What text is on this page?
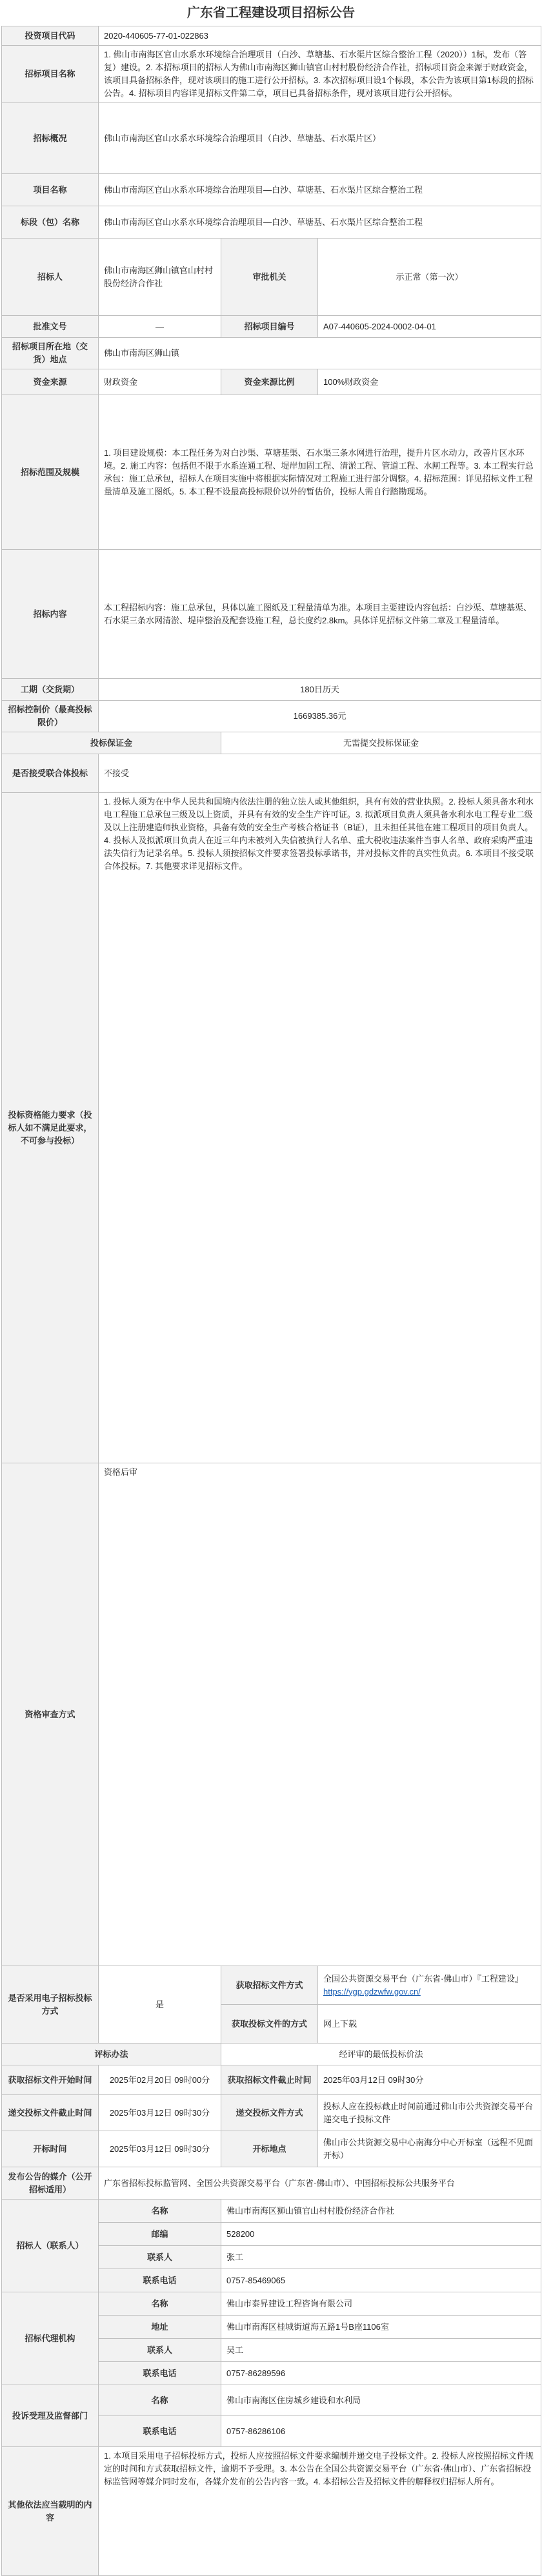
广东省工程建设项目招标公告
投资项目代码	2020-440605-77-01-022863		
招标项目名称	1. 佛山市南海区官山水系水环境综合治理项目（白沙、草塘基、石水渠片区综合整治工程（2020））1标，发布（答复）建设。2. 本招标项目的招标人为佛山市南海区狮山镇官山村村股份经济合作社，招标项目资金来源于财政资金，该项目具备招标条件，现对该项目的施工进行公开招标。3. 本次招标项目设1个标段，本公告为该项目第1标段的招标公告。4. 招标项目内容详见招标文件第二章，项目已具备招标条件，现对该项目进行公开招标。		
招标概况	佛山市南海区官山水系水环境综合治理项目（白沙、草塘基、石水渠片区）		
项目名称	佛山市南海区官山水系水环境综合治理项目—白沙、草塘基、石水渠片区综合整治工程		
标段（包）名称	佛山市南海区官山水系水环境综合治理项目—白沙、草塘基、石水渠片区综合整治工程		
招标人	佛山市南海区狮山镇官山村村股份经济合作社	审批机关	示正常（第一次）
批准文号	—	招标项目编号	A07-440605-2024-0002-04-01
招标项目所在地（交货）地点	佛山市南海区狮山镇		
资金来源	财政资金	资金来源比例	100%财政资金
招标范围及规模	1. 项目建设规模：本工程任务为对白沙渠、草塘基渠、石水渠三条水网进行治理，提升片区水动力，改善片区水环境。2. 施工内容：包括但不限于水系连通工程、堤岸加固工程、清淤工程、管道工程、水闸工程等。3. 本工程实行总承包：施工总承包，招标人在项目实施中将根据实际情况对工程施工进行部分调整。4. 招标范围：详见招标文件工程量清单及施工图纸。5. 本工程不设最高投标限价以外的暂估价，投标人需自行踏勘现场。		
招标内容	本工程招标内容：施工总承包，具体以施工图纸及工程量清单为准。本项目主要建设内容包括：白沙渠、草塘基渠、石水渠三条水网清淤、堤岸整治及配套设施工程，总长度约2.8km。具体详见招标文件第二章及工程量清单。		
工期（交货期）	180日历天		
招标控制价（最高投标限价）	1669385.36元		
投标保证金		无需提交投标保证金	
是否接受联合体投标	不接受		
投标资格能力要求（投标人如不满足此要求，不可参与投标）	1. 投标人须为在中华人民共和国境内依法注册的独立法人或其他组织，具有有效的营业执照。2. 投标人须具备水利水电工程施工总承包三级及以上资质，并具有有效的安全生产许可证。3. 拟派项目负责人须具备水利水电工程专业二级及以上注册建造师执业资格，具备有效的安全生产考核合格证书（B证），且未担任其他在建工程项目的项目负责人。4. 投标人及拟派项目负责人在近三年内未被列入失信被执行人名单、重大税收违法案件当事人名单、政府采购严重违法失信行为记录名单。5. 投标人须按招标文件要求签署投标承诺书，并对投标文件的真实性负责。6. 本项目不接受联合体投标。7. 其他要求详见招标文件。		
资格审查方式	资格后审		
是否采用电子招标投标方式	是	获取招标文件方式	全国公共资源交易平台（广东省·佛山市）『工程建设』
https://ygp.gdzwfw.gov.cn/

		获取投标文件的方式	网上下载
评标办法		经评审的最低投标价法	
获取招标文件开始时间	2025年02月20日 09时00分	获取招标文件截止时间	2025年03月12日 09时30分
递交投标文件截止时间	2025年03月12日 09时30分	递交投标文件方式	投标人应在投标截止时间前通过佛山市公共资源交易平台递交电子投标文件
开标时间	2025年03月12日 09时30分	开标地点	佛山市公共资源交易中心南海分中心开标室（远程不见面开标）
发布公告的媒介（公开招标适用）	广东省招标投标监管网、全国公共资源交易平台（广东省·佛山市）、中国招标投标公共服务平台		
招标人（联系人）	名称	佛山市南海区狮山镇官山村村股份经济合作社	
	邮编	528200	
	联系人	张工	
	联系电话	0757-85469065	
招标代理机构	名称	佛山市泰昇建设工程咨询有限公司	
	地址	佛山市南海区桂城街道海五路1号B座1106室	
	联系人	吴工	
	联系电话	0757-86289596	
投诉受理及监督部门	名称	佛山市南海区住房城乡建设和水利局	
	联系电话	0757-86286106	
其他依法应当载明的内容	1. 本项目采用电子招标投标方式，投标人应按照招标文件要求编制并递交电子投标文件。2. 投标人应按照招标文件规定的时间和方式获取招标文件，逾期不予受理。3. 本公告在全国公共资源交易平台（广东省·佛山市）、广东省招标投标监管网等媒介同时发布，各媒介发布的公告内容一致。4. 本招标公告及招标文件的解释权归招标人所有。		
